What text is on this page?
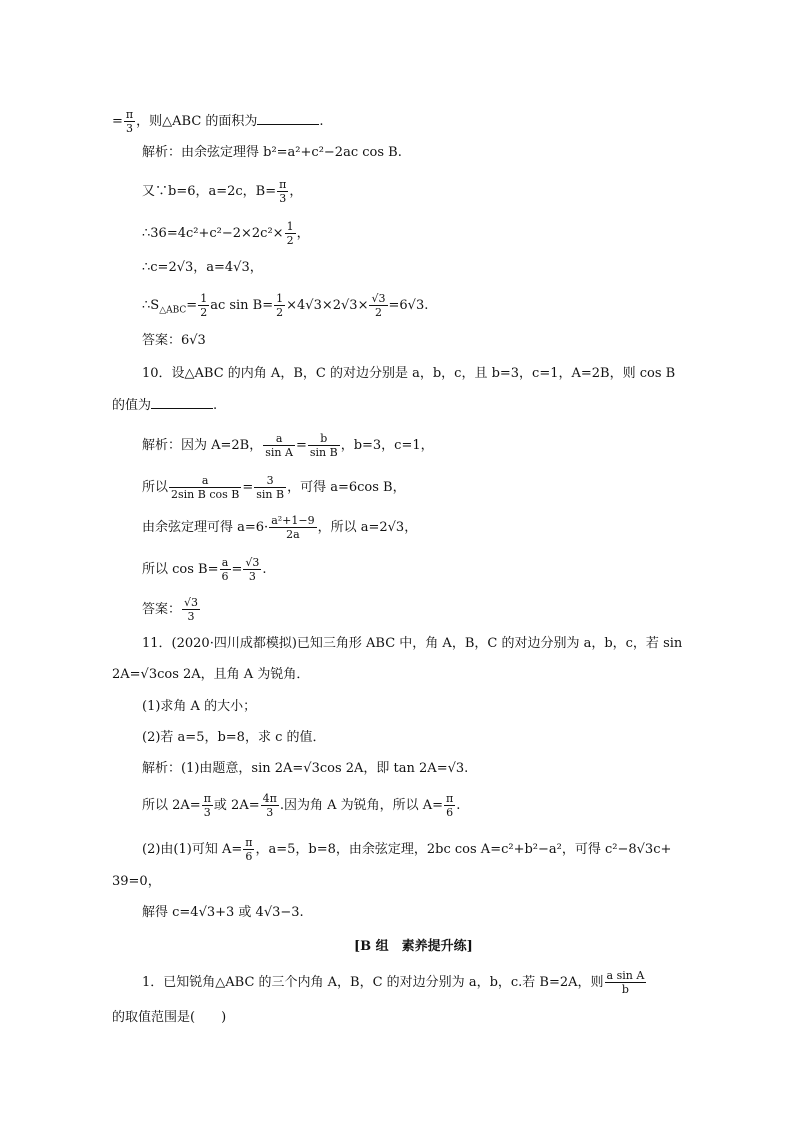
= $\frac{\pi}{3}$ ，则△ABC 的面积为	.
解析：由余弦定理得 b²=a²+c²−2ac cos B.
又∵b=6，a=2c，$B= \frac{\pi}{3}$ ，
∴36=4c²+c²−2×2c²× $\frac{1}{2}$ ，
∴c=2√3，a=4√3，
$\therefore S_{\triangle ABC}= \frac{1}{2}$ ac $\sin B= \frac{1}{2} \times 4√3\times 2√3\times \frac{√3}{2} =6√3$.
答案：6√3
10．设△ABC 的内角 A，B，C 的对边分别是 a，b，c，且 b=3，c=1，A=2B，则 cos B
的值为	.
解析：因为 A=2B， $\frac{a}{\text{sin A}} = \frac{b}{\text{sin B}}$ ，b=3，c=1，
所以 $\frac{a}{\text{2sin B cos B}} = \frac{3}{\text{sin B}}$ ，可得 a=6cos B，
由余弦定理可得 $a=6\cdot \frac{\text{a²+1−9}}{2a}$ ，所以 a=2√3，
所以 $\cos B= \frac{a}{6} = \frac{√3}{3}$ .
答案： $\frac{√3}{3}$
11．(2020·四川成都模拟)已知三角形 ABC 中，角 A，B，C 的对边分别为 a，b，c，若 sin
2A=√3cos 2A，且角 A 为锐角．
(1)求角 A 的大小；
(2)若 a=5，b=8，求 c 的值．
解析：(1)由题意，sin 2A=√3cos 2A，即 tan 2A=√3.
所以 $2A= \frac{\pi}{3}$ 或 $2A= \frac{4\pi}{3}$ .因为角 A 为锐角，所以 $A= \frac{\pi}{6}$ .
(2)由(1)可知 $A= \frac{\pi}{6}$ ，a=5，b=8，由余弦定理，2bc cos A=c²+b²−a²，可得 c²−8√3c+
39=0，
解得 c=4√3+3 或 4√3−3.
[B 组　素养提升练]
1．已知锐角△ABC 的三个内角 A，B，C 的对边分别为 a，b，c.若 B=2A，则 $\frac{\text{a sin A}}{b}$
的取值范围是(　　)
